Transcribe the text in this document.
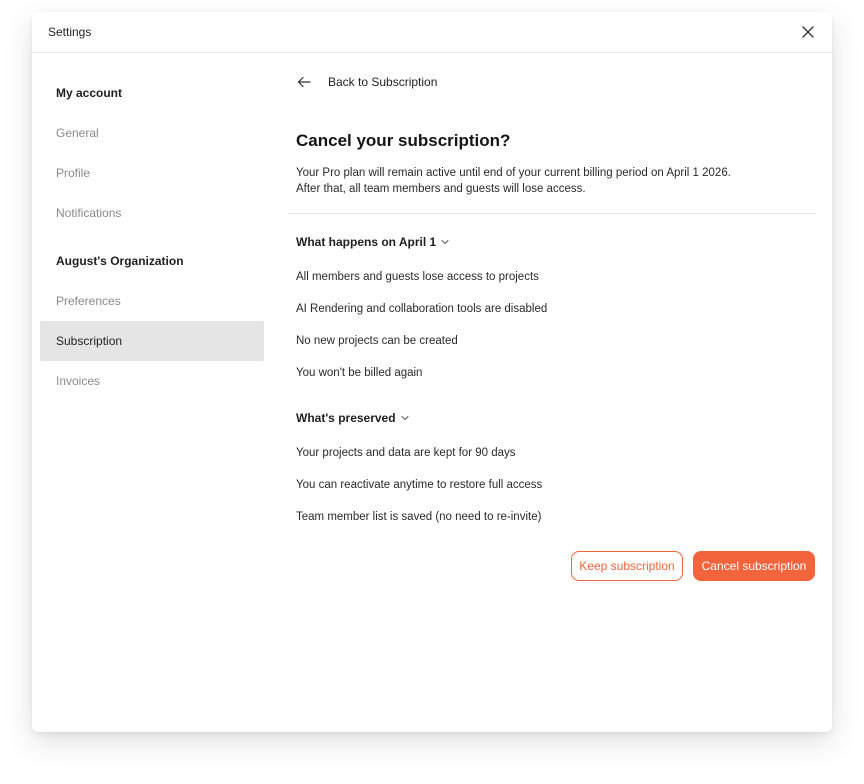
Settings
My account
General
Profile
Notifications
August's Organization
Preferences
Subscription
Invoices
Back to Subscription
Cancel your subscription?
Your Pro plan will remain active until end of your current billing period on April 1 2026.
After that, all team members and guests will lose access.
What happens on April 1
All members and guests lose access to projects
AI Rendering and collaboration tools are disabled
No new projects can be created
You won't be billed again
What's preserved
Your projects and data are kept for 90 days
You can reactivate anytime to restore full access
Team member list is saved (no need to re-invite)
Keep subscription	Cancel subscription
